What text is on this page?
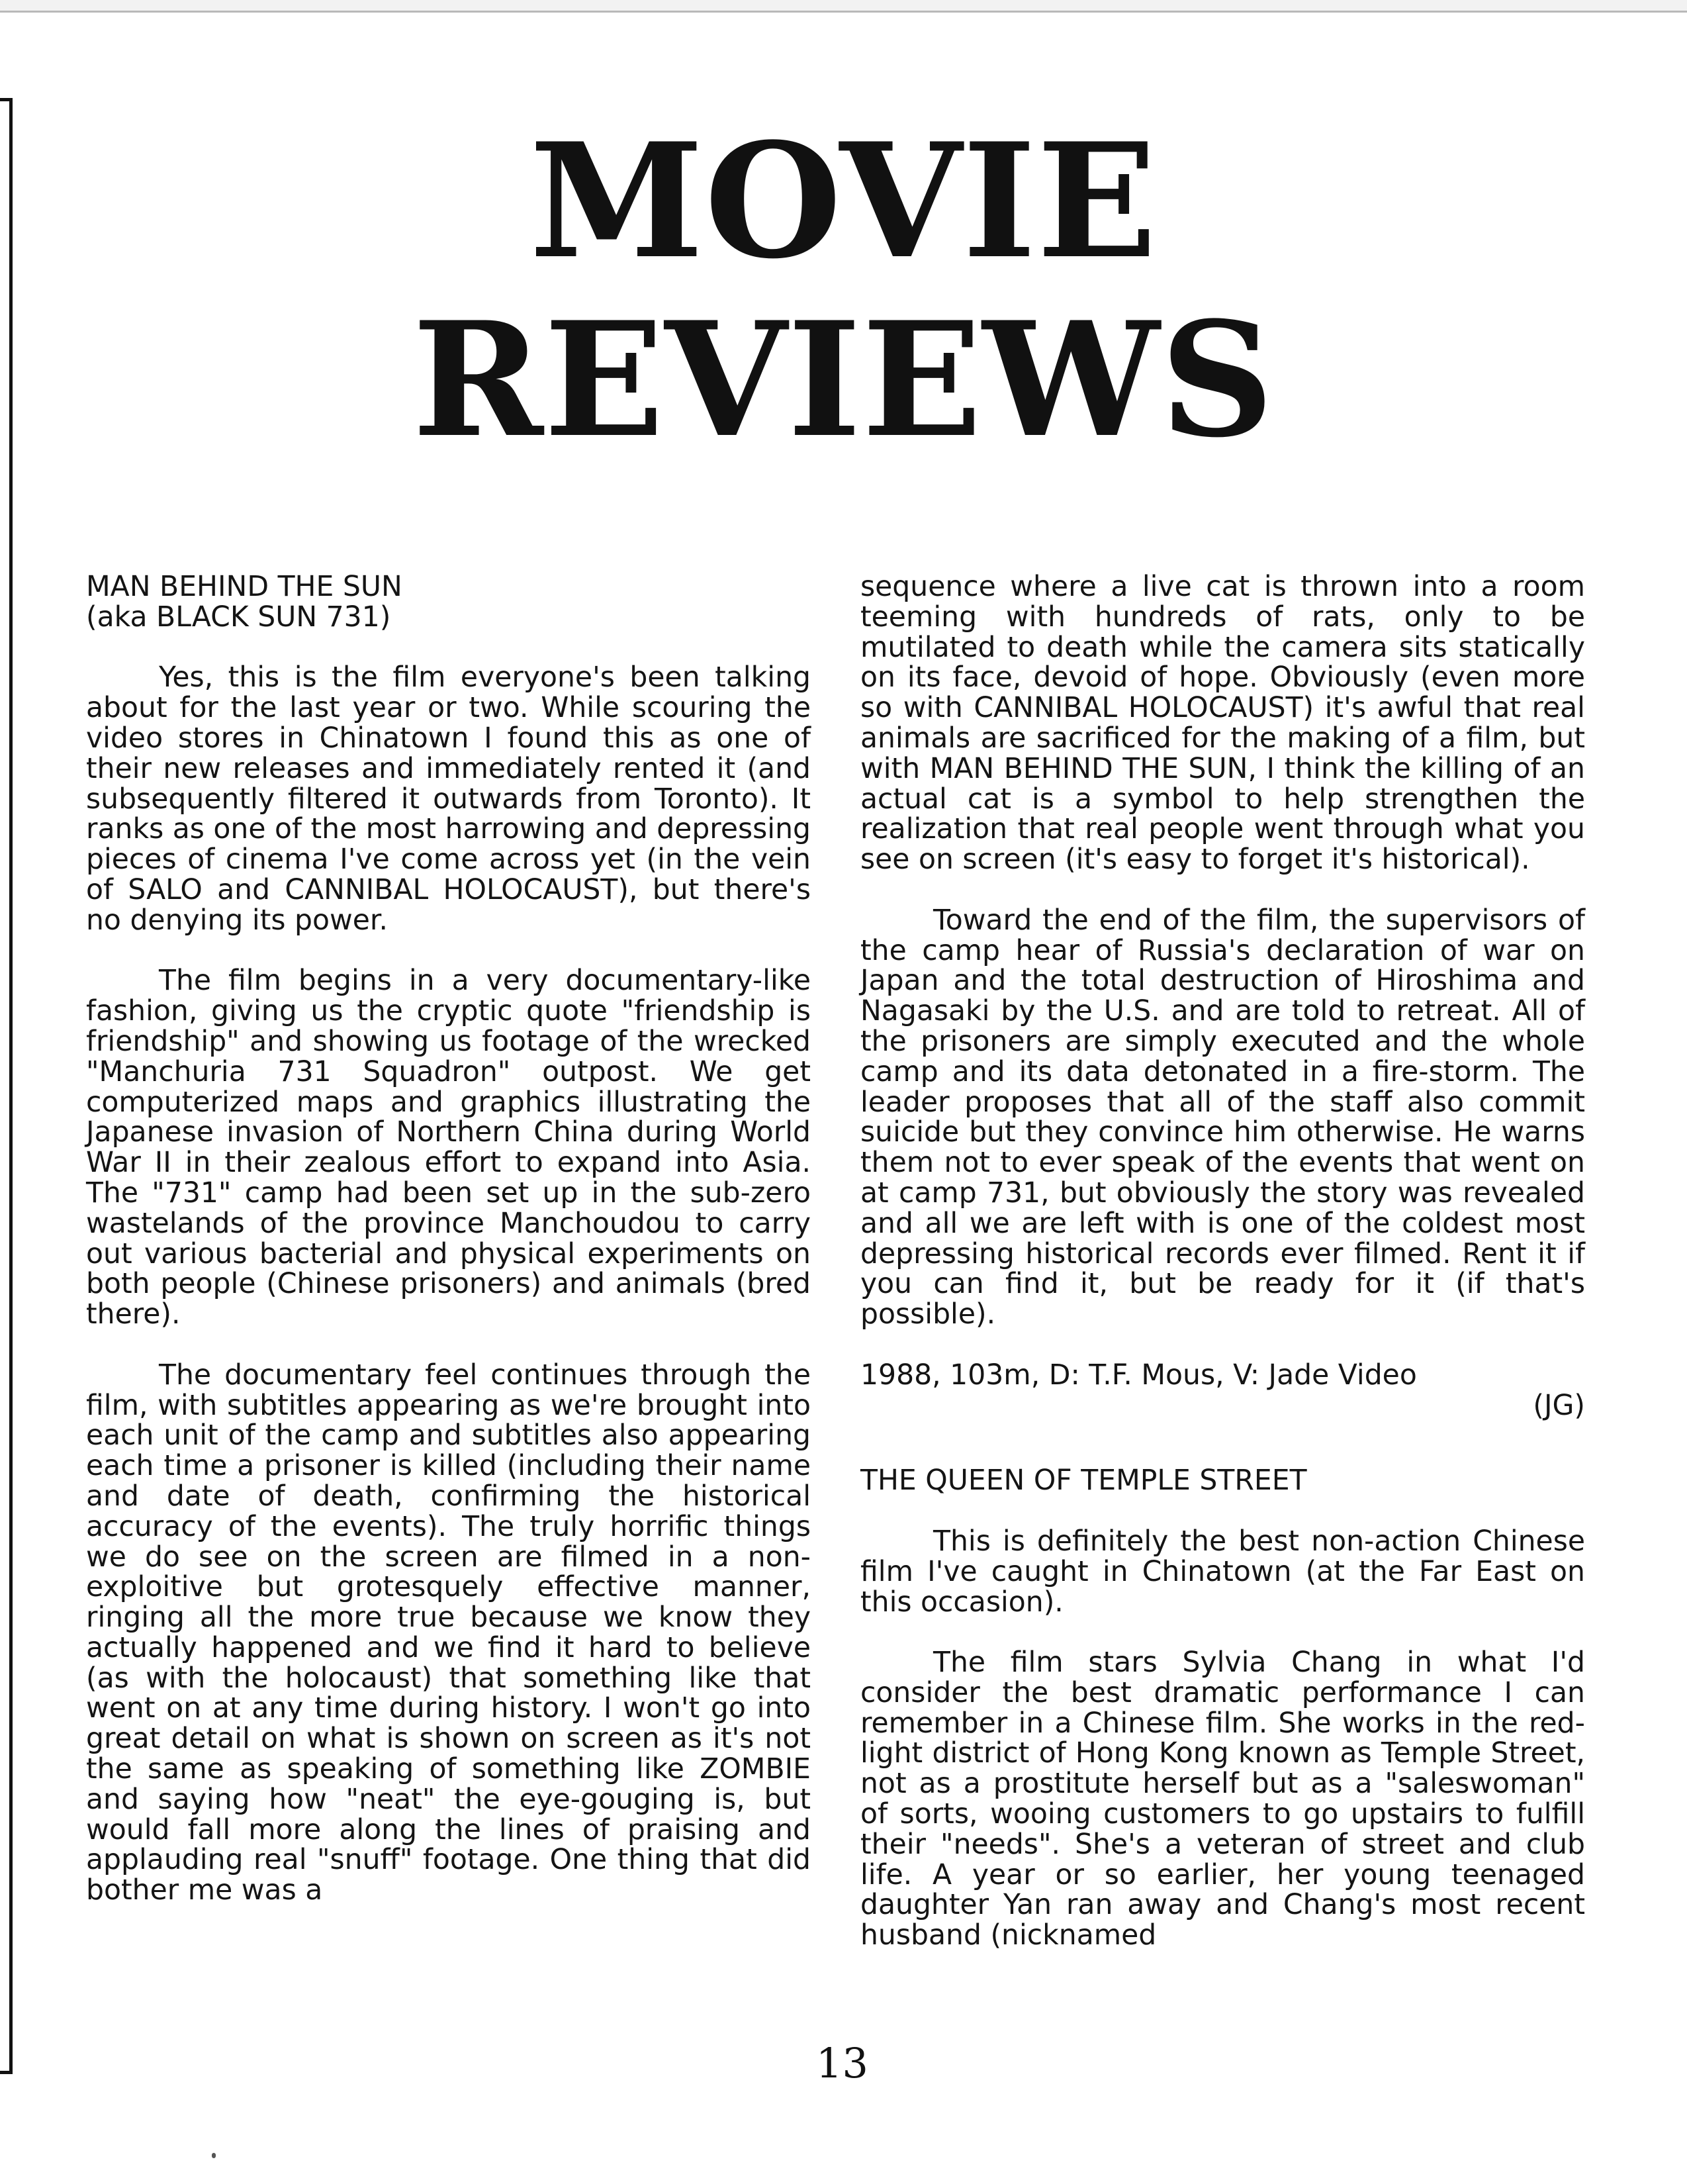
MOVIE
REVIEWS
MAN BEHIND THE SUN
(aka BLACK SUN 731)

Yes, this is the film everyone's been talking about for the last year or two. While scouring the video stores in Chinatown I found this as one of their new releases and immediately rented it (and subsequently filtered it outwards from Toronto). It ranks as one of the most harrowing and depressing pieces of cinema I've come across yet (in the vein of SALO and CANNIBAL HOLOCAUST), but there's no denying its power.

The film begins in a very documentary-like fashion, giving us the cryptic quote "friendship is friendship" and showing us footage of the wrecked "Manchuria 731 Squadron" outpost. We get computerized maps and graphics illustrating the Japanese invasion of Northern China during World War II in their zealous effort to expand into Asia. The "731" camp had been set up in the sub-zero wastelands of the province Manchoudou to carry out various bacterial and physical experiments on both people (Chinese prisoners) and animals (bred there).

The documentary feel continues through the film, with subtitles appearing as we're brought into each unit of the camp and subtitles also appearing each time a prisoner is killed (including their name and date of death, confirming the historical accuracy of the events). The truly horrific things we do see on the screen are filmed in a non-exploitive but grotesquely effective manner, ringing all the more true because we know they actually happened and we find it hard to believe (as with the holocaust) that something like that went on at any time during history. I won't go into great detail on what is shown on screen as it's not the same as speaking of something like ZOMBIE and saying how "neat" the eye-gouging is, but would fall more along the lines of praising and applauding real "snuff" footage. One thing that did bother me was a

sequence where a live cat is thrown into a room teeming with hundreds of rats, only to be mutilated to death while the camera sits statically on its face, devoid of hope. Obviously (even more so with CANNIBAL HOLOCAUST) it's awful that real animals are sacrificed for the making of a film, but with MAN BEHIND THE SUN, I think the killing of an actual cat is a symbol to help strengthen the realization that real people went through what you see on screen (it's easy to forget it's historical).

Toward the end of the film, the supervisors of the camp hear of Russia's declaration of war on Japan and the total destruction of Hiroshima and Nagasaki by the U.S. and are told to retreat. All of the prisoners are simply executed and the whole camp and its data detonated in a fire-storm. The leader proposes that all of the staff also commit suicide but they convince him otherwise. He warns them not to ever speak of the events that went on at camp 731, but obviously the story was revealed and all we are left with is one of the coldest most depressing historical records ever filmed. Rent it if you can find it, but be ready for it (if that's possible).

1988, 103m, D: T.F. Mous, V: Jade Video

(JG)

THE QUEEN OF TEMPLE STREET

This is definitely the best non-action Chinese film I've caught in Chinatown (at the Far East on this occasion).

The film stars Sylvia Chang in what I'd consider the best dramatic performance I can remember in a Chinese film. She works in the red-light district of Hong Kong known as Temple Street, not as a prostitute herself but as a "saleswoman" of sorts, wooing customers to go upstairs to fulfill their "needs". She's a veteran of street and club life. A year or so earlier, her young teenaged daughter Yan ran away and Chang's most recent husband (nicknamed

13
